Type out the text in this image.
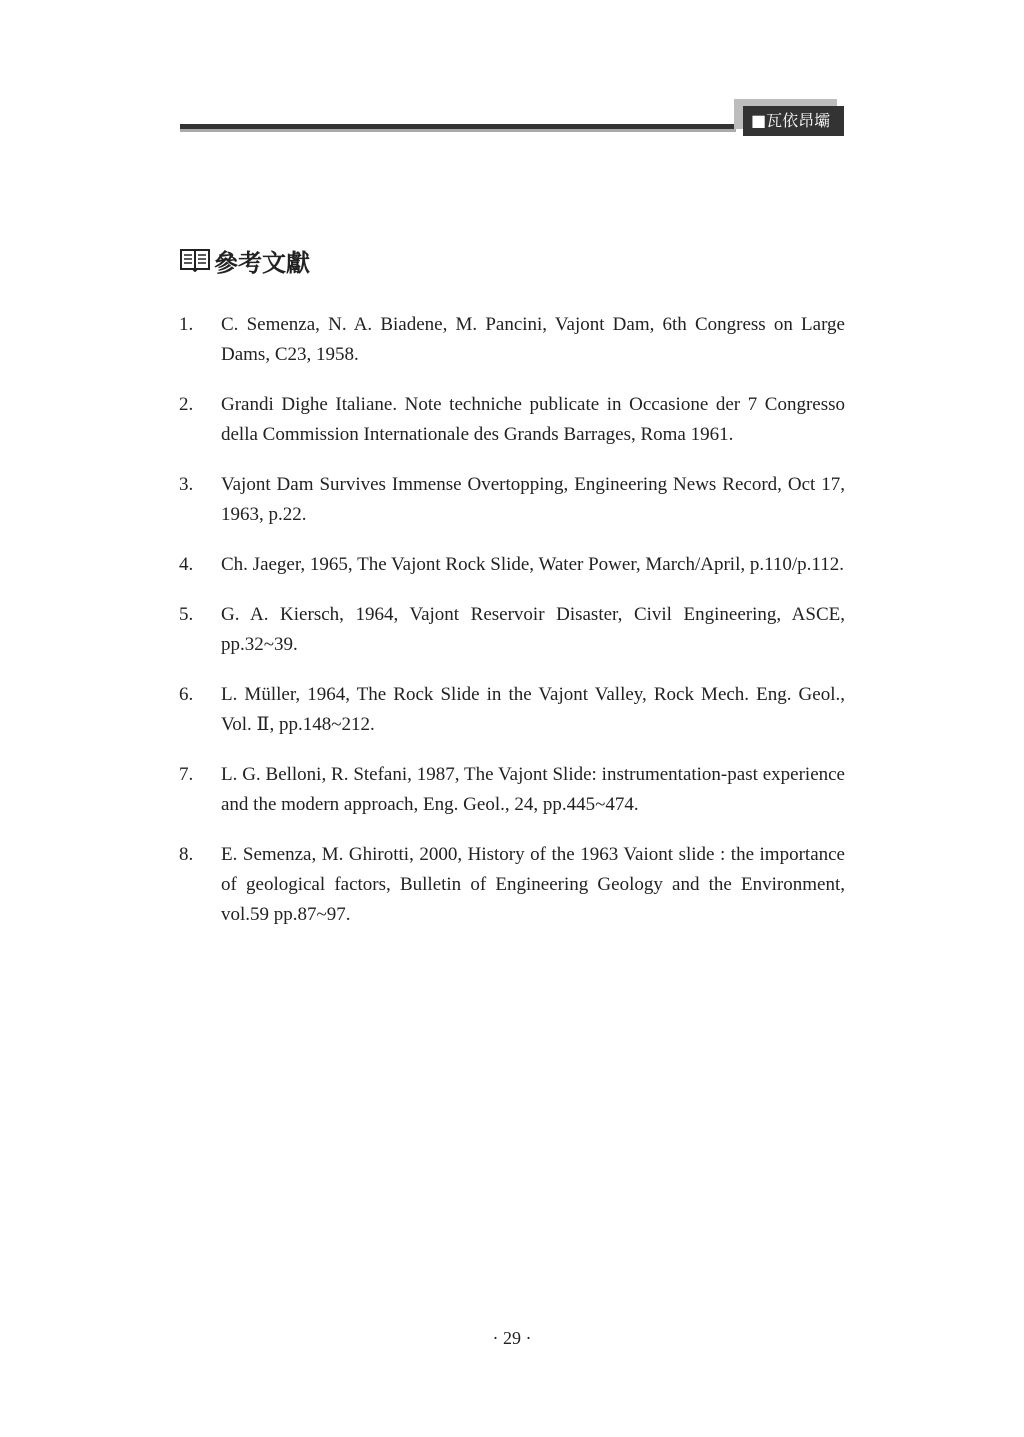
■瓦依昂壩
參考文獻
1.	C. Semenza, N. A. Biadene, M. Pancini, Vajont Dam, 6th Congress on Large Dams, C23, 1958.
2.	Grandi Dighe Italiane. Note techniche publicate in Occasione der 7 Congresso della Commission Internationale des Grands Barrages, Roma 1961.
3.	Vajont Dam Survives Immense Overtopping, Engineering News Record, Oct 17, 1963, p.22.
4.	Ch. Jaeger, 1965, The Vajont Rock Slide, Water Power, March/April, p.110/p.112.
5.	G. A. Kiersch, 1964, Vajont Reservoir Disaster, Civil Engineering, ASCE, pp.32~39.
6.	L. Müller, 1964, The Rock Slide in the Vajont Valley, Rock Mech. Eng. Geol., Vol. Ⅱ, pp.148~212.
7.	L. G. Belloni, R. Stefani, 1987, The Vajont Slide: instrumentation-past experience and the modern approach, Eng. Geol., 24, pp.445~474.
8.	E. Semenza, M. Ghirotti, 2000, History of the 1963 Vaiont slide : the importance of geological factors, Bulletin of Engineering Geology and the Environment, vol.59 pp.87~97.
· 29 ·
